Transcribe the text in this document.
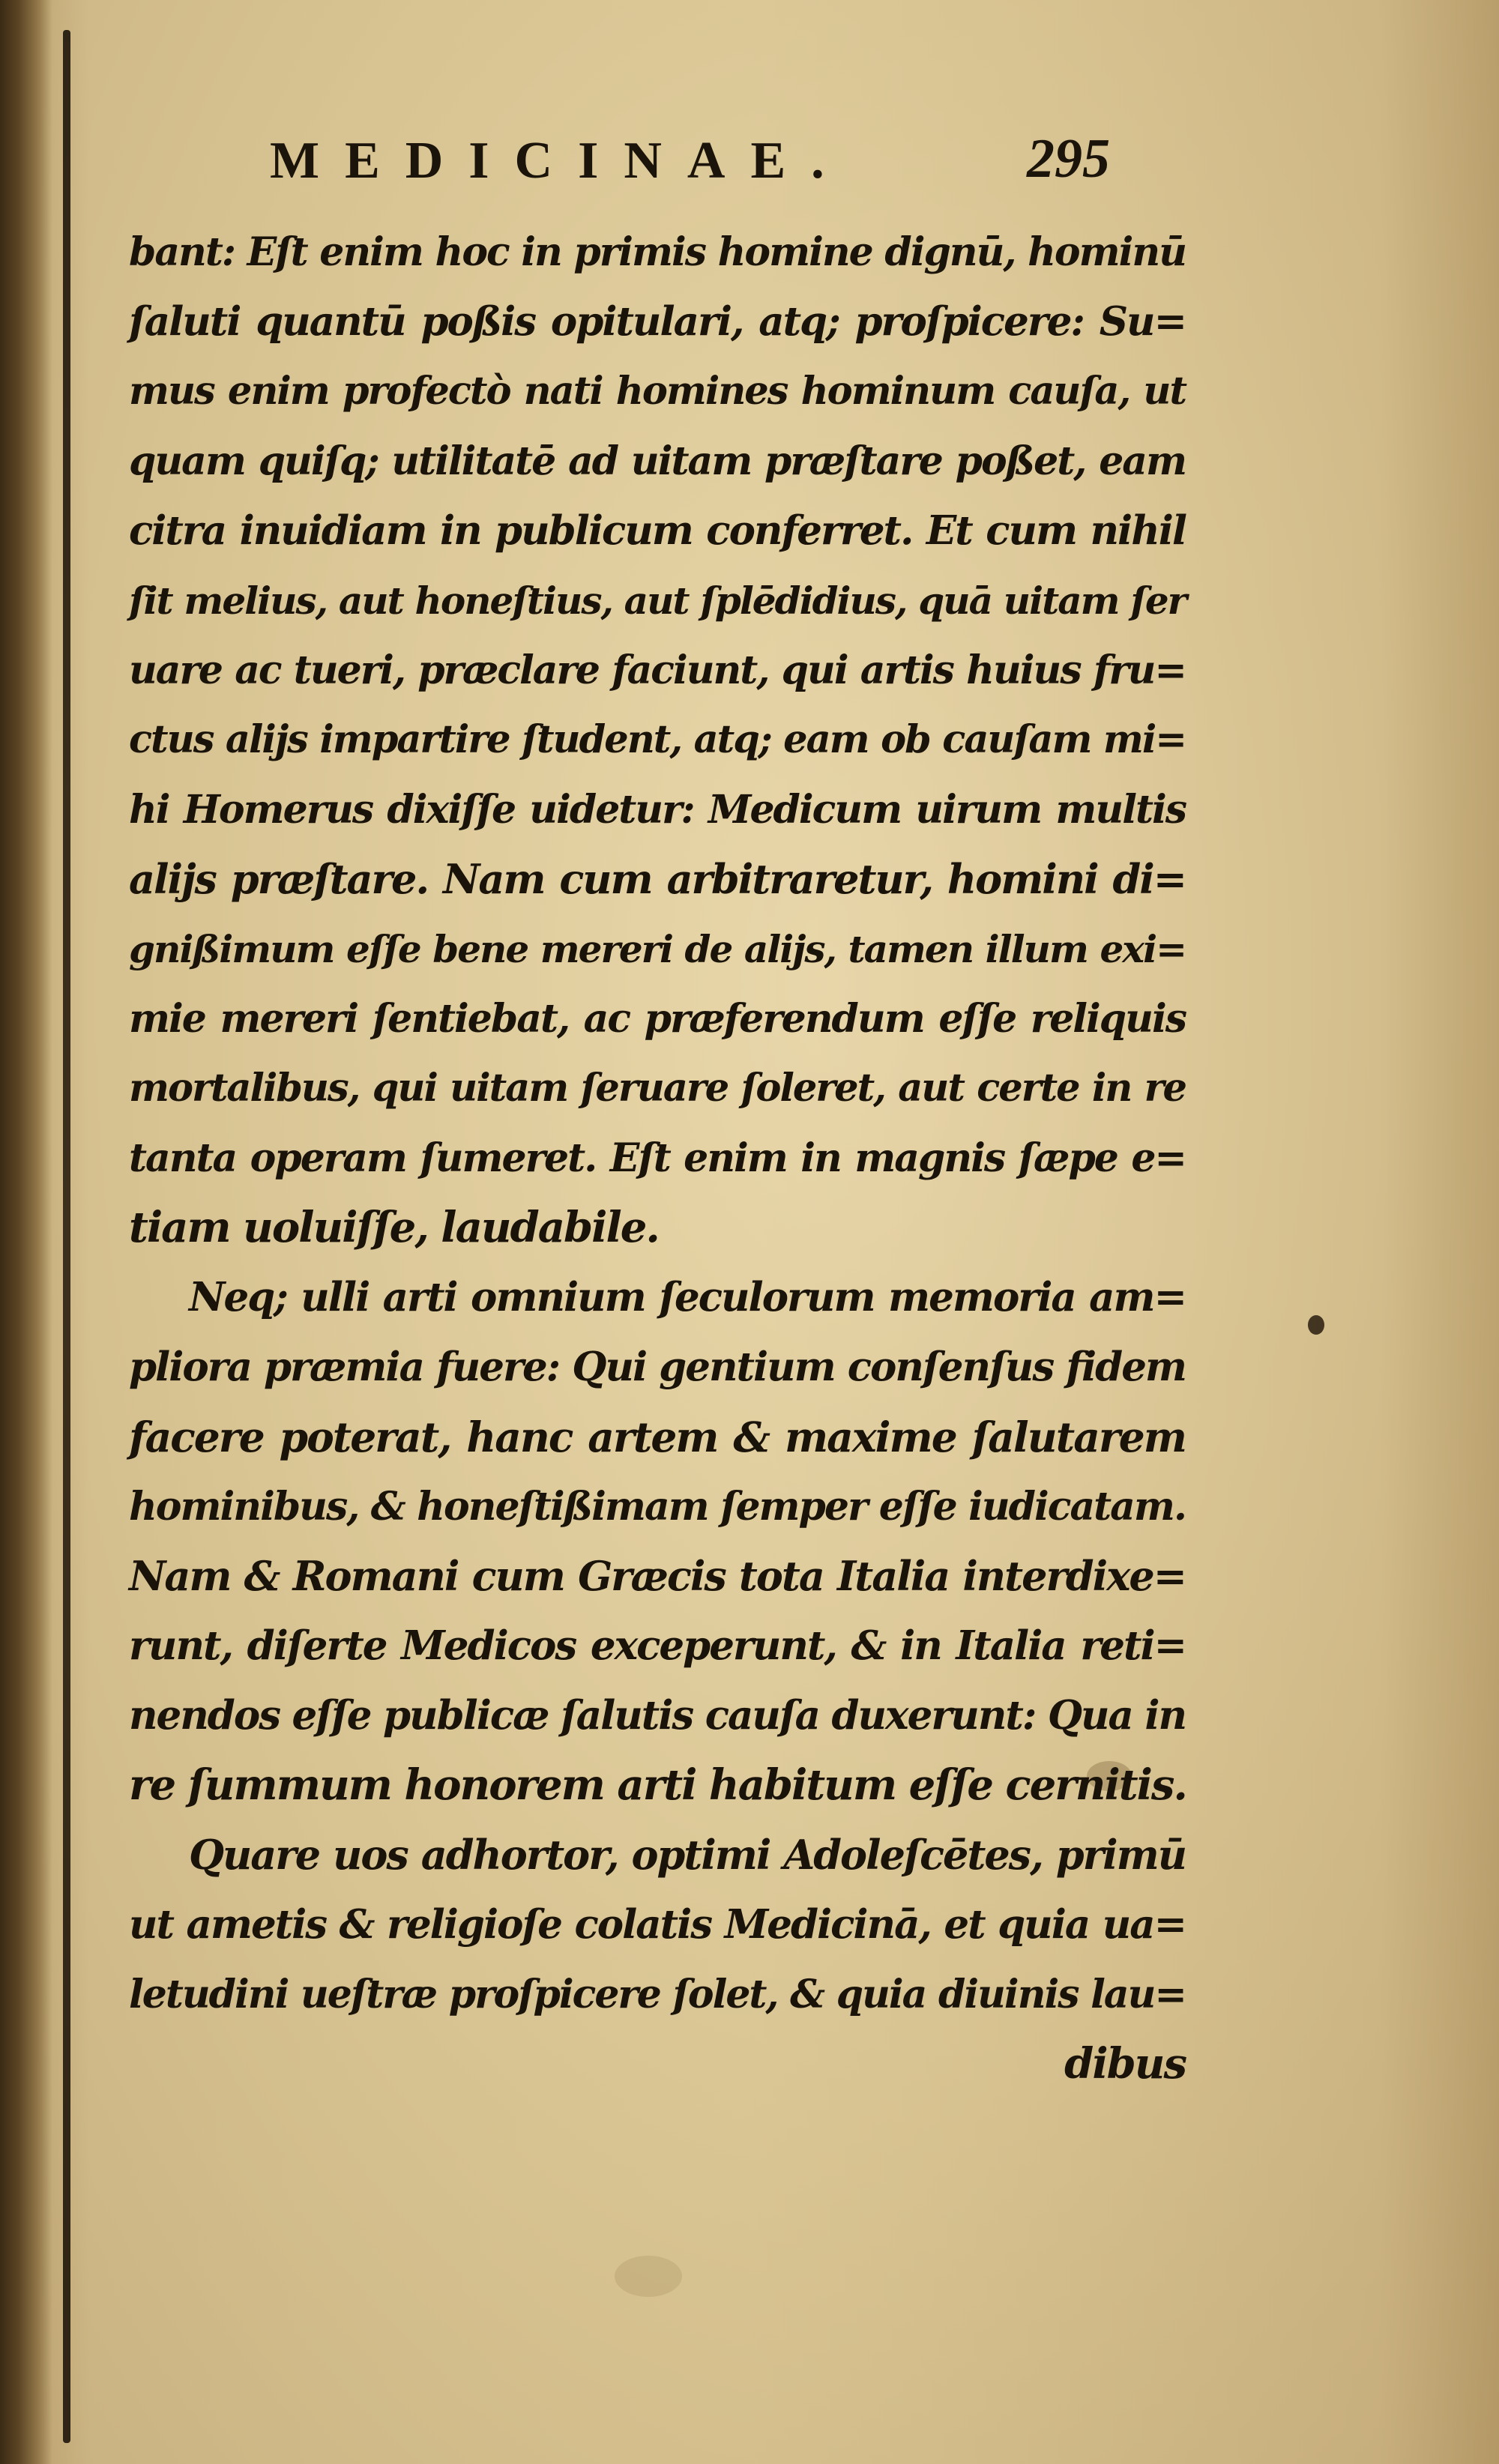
MEDICINAE.	295
bant: Eſt enim hoc in primis homine dignū, hominū
ſaluti quantū poßis opitulari, atq; proſpicere: Su=
mus enim profectò nati homines hominum cauſa, ut
quam quiſq; utilitatē ad uitam præſtare poßet, eam
citra inuidiam in publicum conferret. Et cum nihil
ſit melius, aut honeſtius, aut ſplēdidius, quā uitam ſer
uare ac tueri, præclare faciunt, qui artis huius fru=
ctus alijs impartire ſtudent, atq; eam ob cauſam mi=
hi Homerus dixiſſe uidetur: Medicum uirum multis
alijs præſtare. Nam cum arbitraretur, homini di=
gnißimum eſſe bene mereri de alijs, tamen illum exi=
mie mereri ſentiebat, ac præferendum eſſe reliquis
mortalibus, qui uitam ſeruare ſoleret, aut certe in re
tanta operam ſumeret. Eſt enim in magnis ſæpe e=
tiam uoluiſſe, laudabile.
Neq; ulli arti omnium ſeculorum memoria am=
pliora præmia fuere: Qui gentium conſenſus fidem
facere poterat, hanc artem & maxime ſalutarem
hominibus, & honeſtißimam ſemper eſſe iudicatam.
Nam & Romani cum Græcis tota Italia interdixe=
runt, diſerte Medicos exceperunt, & in Italia reti=
nendos eſſe publicæ ſalutis cauſa duxerunt: Qua in
re ſummum honorem arti habitum eſſe cernitis.
Quare uos adhortor, optimi Adoleſcētes, primū
ut ametis & religioſe colatis Medicinā, et quia ua=
letudini ueſtræ proſpicere ſolet, & quia diuinis lau=
dibus
